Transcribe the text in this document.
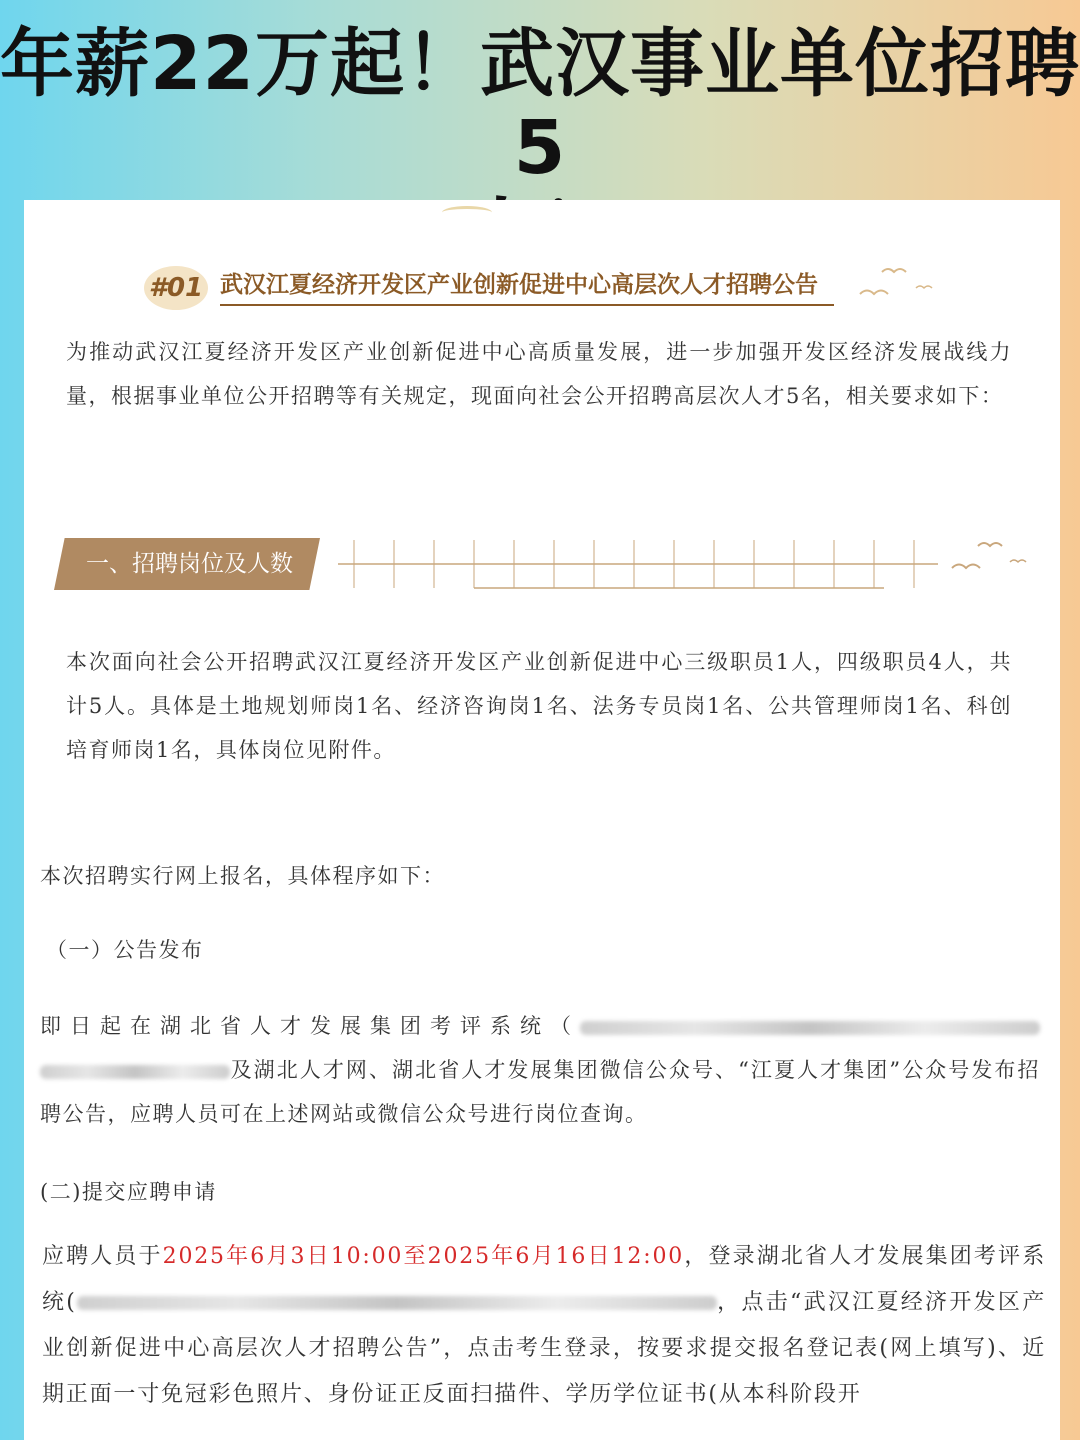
年薪22万起！武汉事业单位招聘5
#01 武汉江夏经济开发区产业创新促进中心高层次人才招聘公告

为推动武汉江夏经济开发区产业创新促进中心高质量发展，进一步加强开发区经济发展战线力量，根据事业单位公开招聘等有关规定，现面向社会公开招聘高层次人才5名，相关要求如下：

一、招聘岗位及人数

本次面向社会公开招聘武汉江夏经济开发区产业创新促进中心三级职员1人，四级职员4人，共计5人。具体是土地规划师岗1名、经济咨询岗1名、法务专员岗1名、公共管理师岗1名、科创培育师岗1名，具体岗位见附件。

本次招聘实行网上报名，具体程序如下：

（一）公告发布

即日起在湖北省人才发展集团考评系统（及湖北人才网、湖北省人才发展集团微信公众号、“江夏人才集团”公众号发布招聘公告，应聘人员可在上述网站或微信公众号进行岗位查询。

(二)提交应聘申请

应聘人员于2025年6月3日10:00至2025年6月16日12:00，登录湖北省人才发展集团考评系统(	，点击“武汉江夏经济开发区产业创新促进中心高层次人才招聘公告”，点击考生登录，按要求提交报名登记表(网上填写)、近期正面一寸免冠彩色照片、身份证正反面扫描件、学历学位证书(从本科阶段开
